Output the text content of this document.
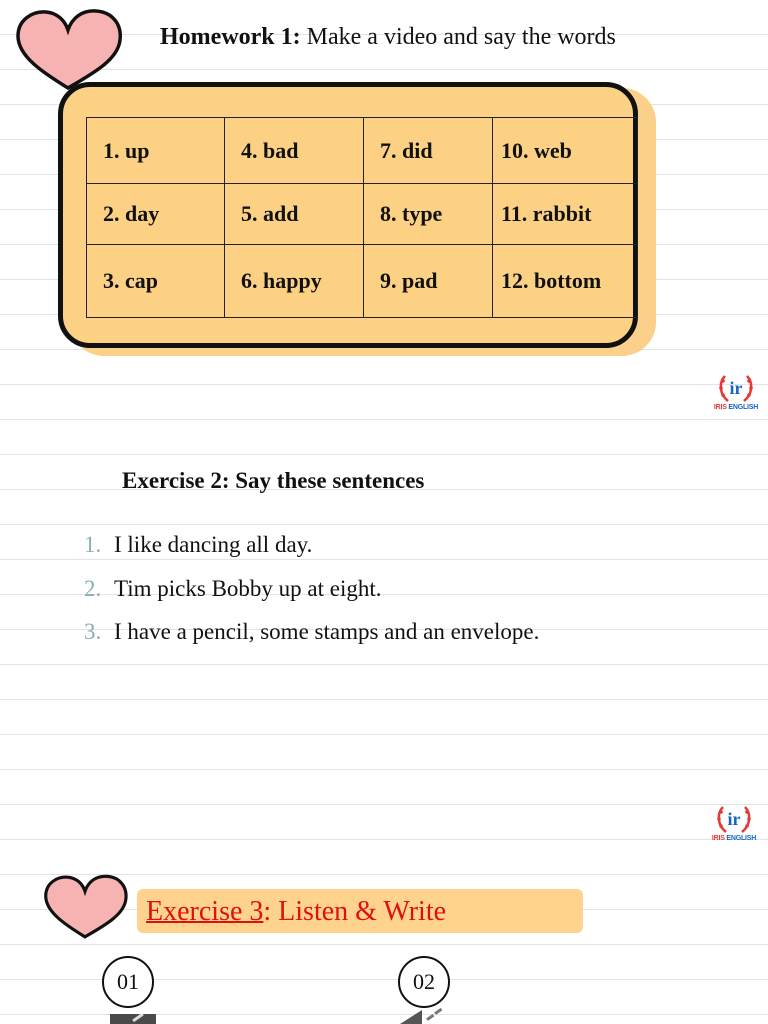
Homework 1: Make a video and say the words
1. up	4. bad	7. did	10. web
2. day	5. add	8. type	11. rabbit
3. cap	6. happy	9. pad	12. bottom
ir
IRIS ENGLISH
Exercise 2: Say these sentences
1. I like dancing all day.
2. Tim picks Bobby up at eight.
3. I have a pencil, some stamps and an envelope.
ir
IRIS ENGLISH
Exercise 3: Listen & Write
01	02
